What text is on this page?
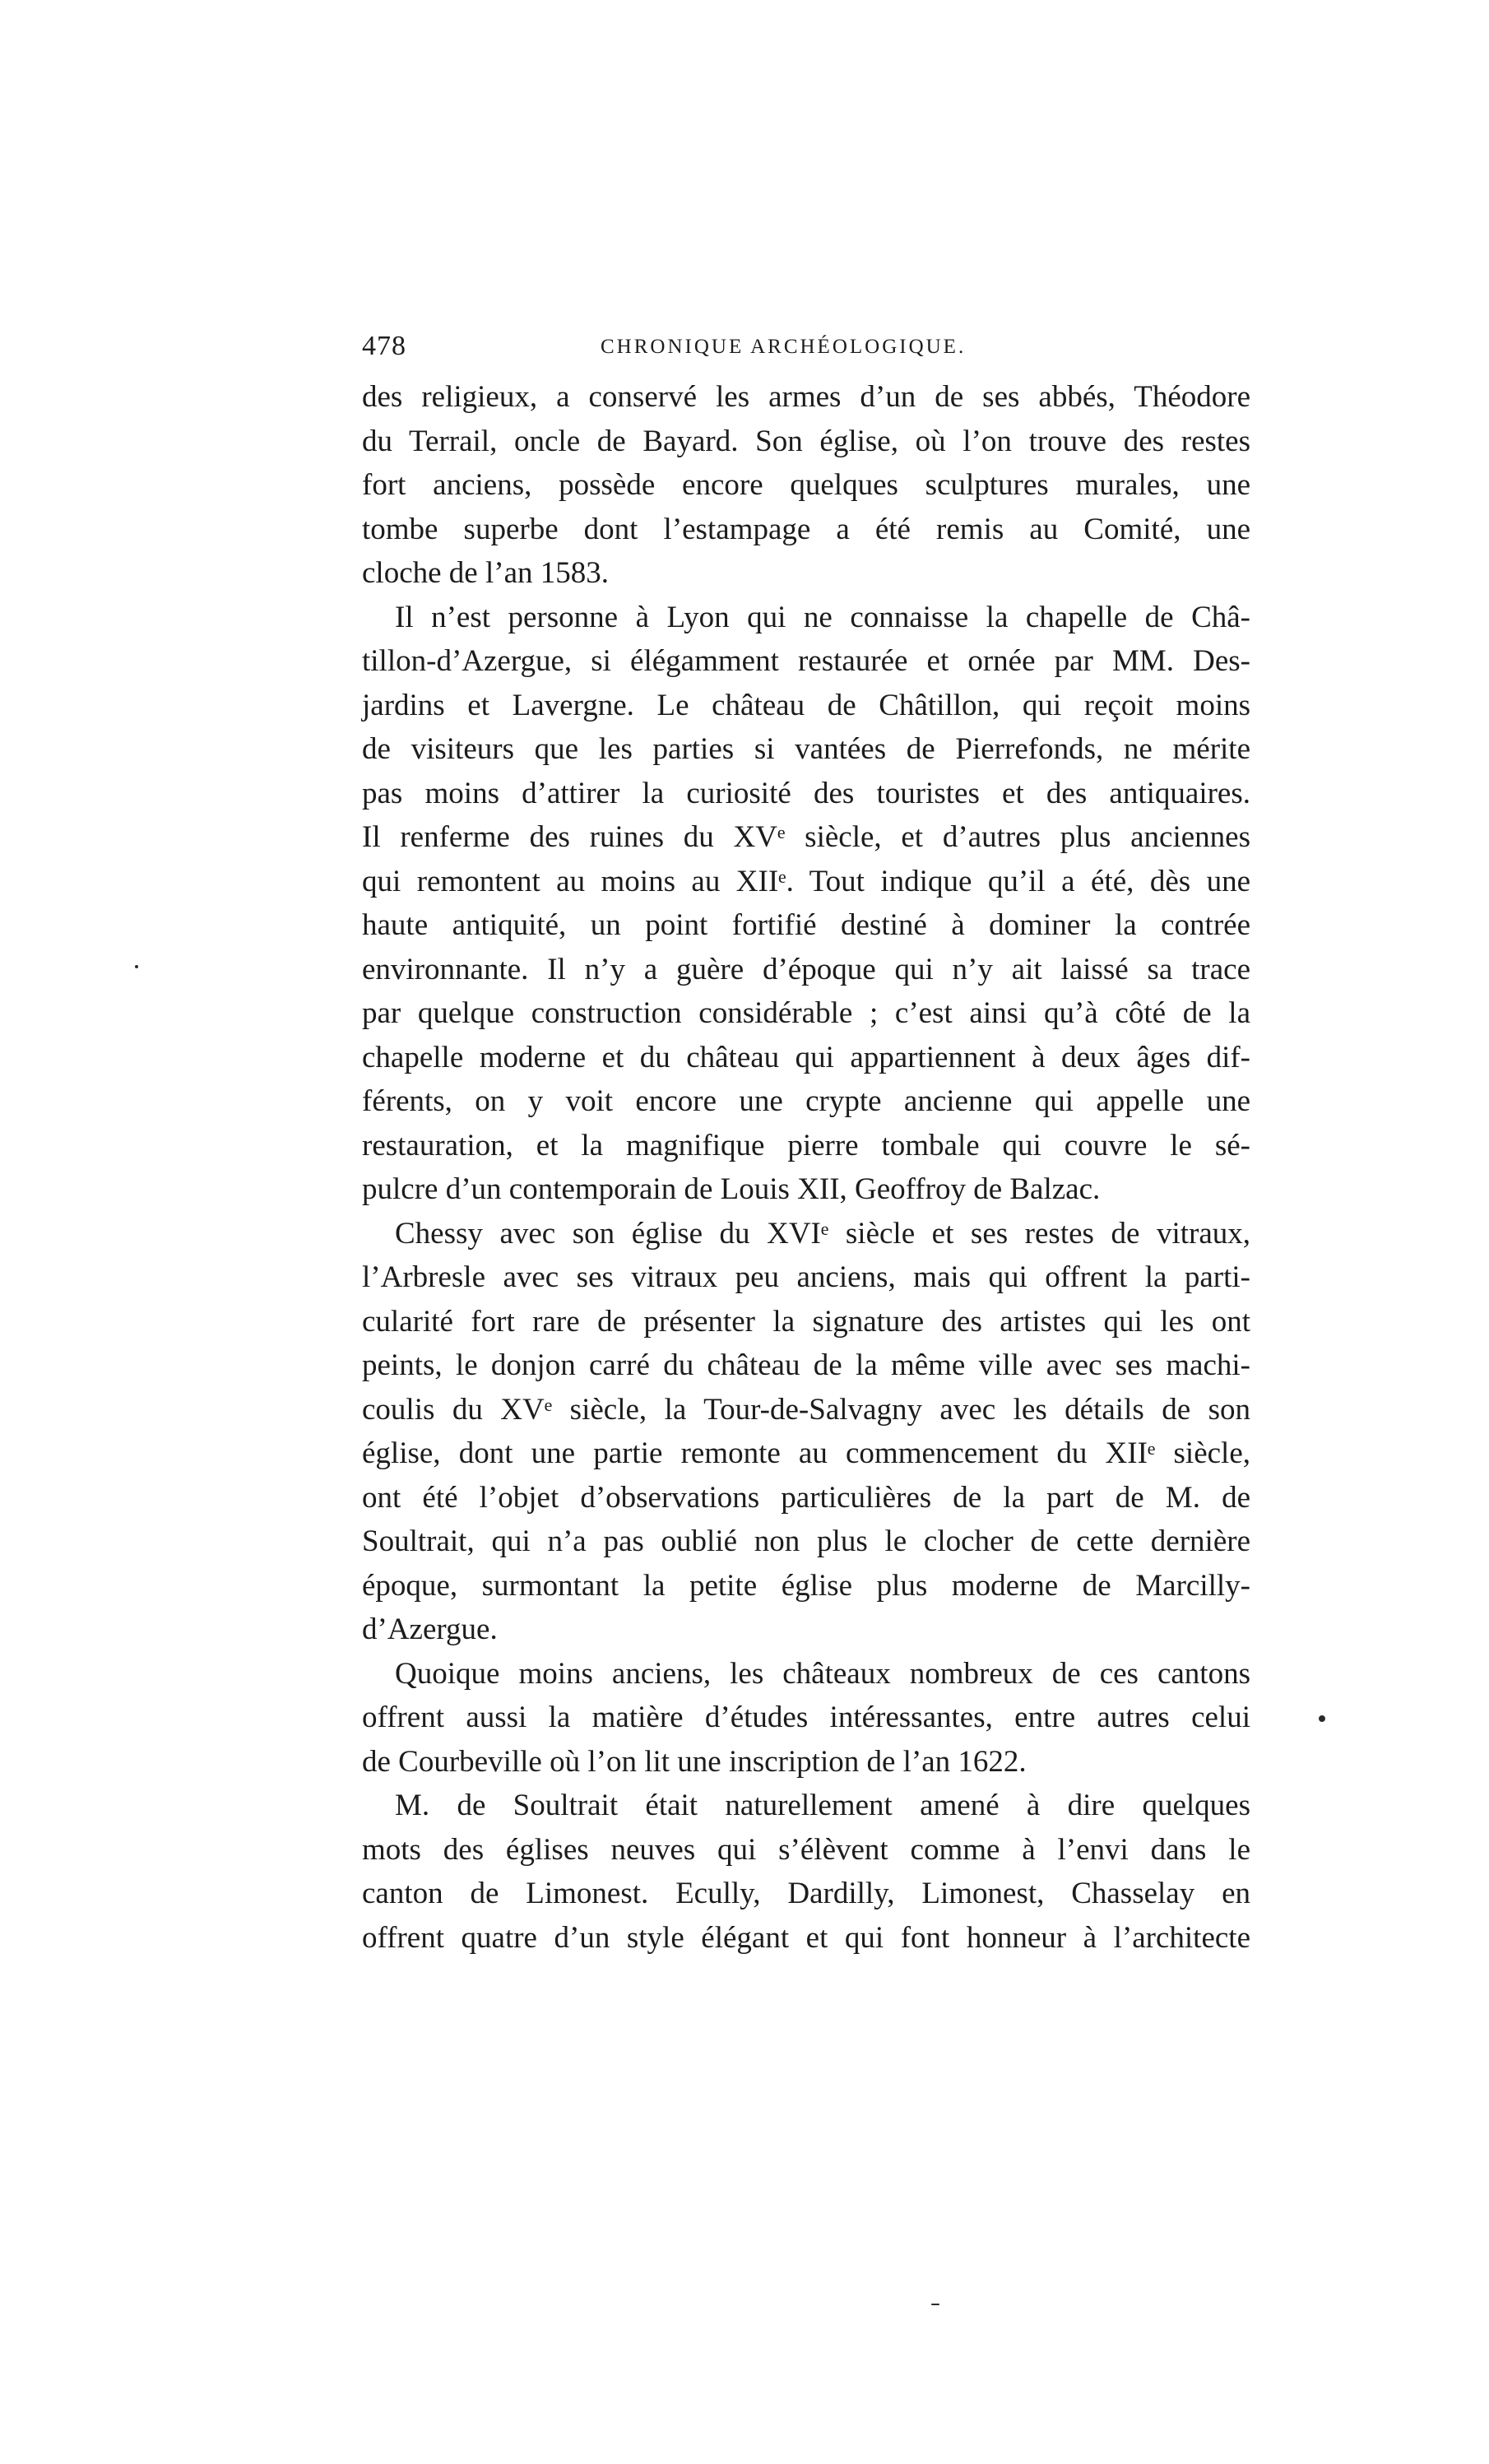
478	CHRONIQUE ARCHÉOLOGIQUE.
des religieux, a conservé les armes d’un de ses abbés, Théodore
du Terrail, oncle de Bayard. Son église, où l’on trouve des restes
fort anciens, possède encore quelques sculptures murales, une
tombe superbe dont l’estampage a été remis au Comité, une
cloche de l’an 1583.
Il n’est personne à Lyon qui ne connaisse la chapelle de Châ-
tillon-d’Azergue, si élégamment restaurée et ornée par MM. Des-
jardins et Lavergne. Le château de Châtillon, qui reçoit moins
de visiteurs que les parties si vantées de Pierrefonds, ne mérite
pas moins d’attirer la curiosité des touristes et des antiquaires.
Il renferme des ruines du XVᵉ siècle, et d’autres plus anciennes
qui remontent au moins au XIIᵉ. Tout indique qu’il a été, dès une
haute antiquité, un point fortifié destiné à dominer la contrée
environnante. Il n’y a guère d’époque qui n’y ait laissé sa trace
par quelque construction considérable ; c’est ainsi qu’à côté de la
chapelle moderne et du château qui appartiennent à deux âges dif-
férents, on y voit encore une crypte ancienne qui appelle une
restauration, et la magnifique pierre tombale qui couvre le sé-
pulcre d’un contemporain de Louis XII, Geoffroy de Balzac.
Chessy avec son église du XVIᵉ siècle et ses restes de vitraux,
l’Arbresle avec ses vitraux peu anciens, mais qui offrent la parti-
cularité fort rare de présenter la signature des artistes qui les ont
peints, le donjon carré du château de la même ville avec ses machi-
coulis du XVᵉ siècle, la Tour-de-Salvagny avec les détails de son
église, dont une partie remonte au commencement du XIIᵉ siècle,
ont été l’objet d’observations particulières de la part de M. de
Soultrait, qui n’a pas oublié non plus le clocher de cette dernière
époque, surmontant la petite église plus moderne de Marcilly-
d’Azergue.
Quoique moins anciens, les châteaux nombreux de ces cantons
offrent aussi la matière d’études intéressantes, entre autres celui
de Courbeville où l’on lit une inscription de l’an 1622.
M. de Soultrait était naturellement amené à dire quelques
mots des églises neuves qui s’élèvent comme à l’envi dans le
canton de Limonest. Ecully, Dardilly, Limonest, Chasselay en
offrent quatre d’un style élégant et qui font honneur à l’architecte
